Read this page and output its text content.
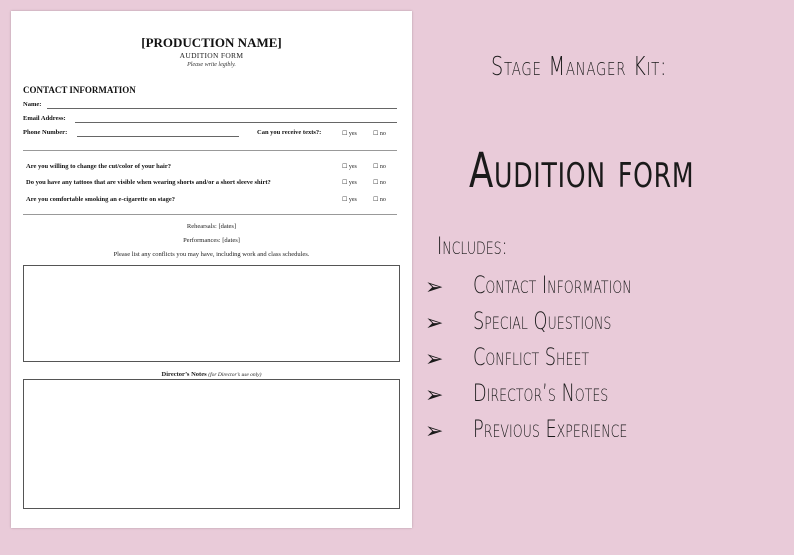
[PRODUCTION NAME]
AUDITION FORM
Please write legibly.
CONTACT INFORMATION
Name:
Email Address:
Phone Number:	Can you receive texts?:	☐ yes	☐ no
Are you willing to change the cut/color of your hair?	☐ yes	☐ no
Do you have any tattoos that are visible when wearing shorts and/or a short sleeve shirt?	☐ yes	☐ no
Are you comfortable smoking an e-cigarette on stage?	☐ yes	☐ no
Rehearsals: [dates]
Performances: [dates]
Please list any conflicts you may have, including work and class schedules.
Director’s Notes (for Director’s use only)
Stage Manager Kit:
Audition form
Includes:
➢ Contact Information
➢ Special Questions
➢ Conflict Sheet
➢ Director’s Notes
➢ Previous Experience
